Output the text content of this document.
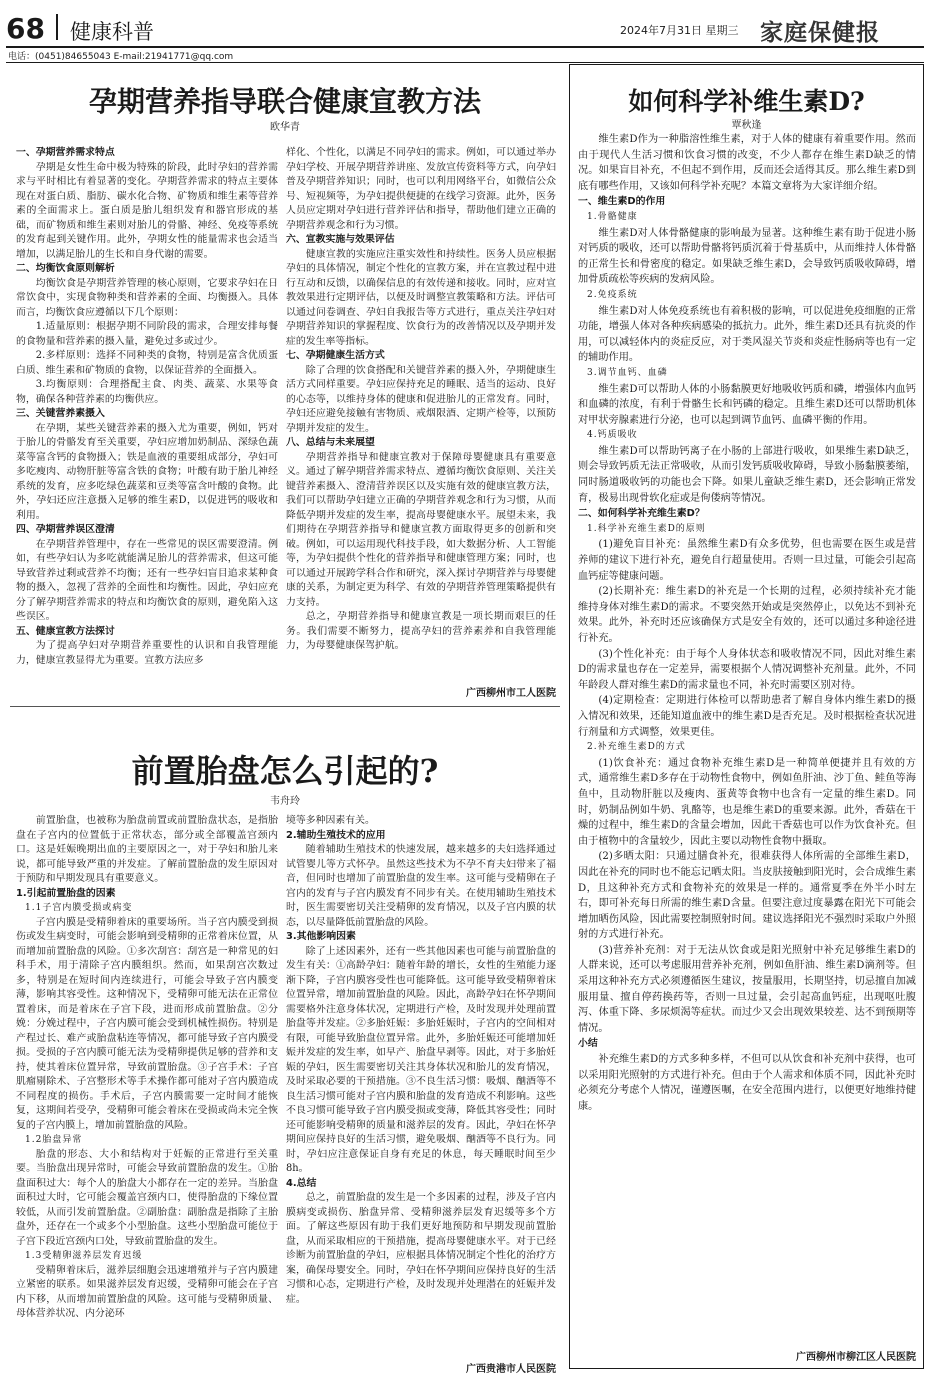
68 健康科普	2024年7月31日 星期三 家庭保健报
电话：(0451)84655043 E-mail:21941771@qq.com
孕期营养指导联合健康宣教方法
欧华青
一、孕期营养需求特点

孕期是女性生命中极为特殊的阶段，此时孕妇的营养需求与平时相比有着显著的变化。孕期营养需求的特点主要体现在对蛋白质、脂肪、碳水化合物、矿物质和维生素等营养素的全面需求上。蛋白质是胎儿组织发育和器官形成的基础，而矿物质和维生素则对胎儿的骨骼、神经、免疫等系统的发育起到关键作用。此外，孕期女性的能量需求也会适当增加，以满足胎儿的生长和自身代谢的需要。

二、均衡饮食原则解析

均衡饮食是孕期营养管理的核心原则，它要求孕妇在日常饮食中，实现食物种类和营养素的全面、均衡摄入。具体而言，均衡饮食应遵循以下几个原则：

1.适量原则：根据孕期不同阶段的需求，合理安排每餐的食物量和营养素的摄入量，避免过多或过少。

2.多样原则：选择不同种类的食物，特别是富含优质蛋白质、维生素和矿物质的食物，以保证营养的全面摄入。

3.均衡原则：合理搭配主食、肉类、蔬菜、水果等食物，确保各种营养素的均衡供应。

三、关键营养素摄入

在孕期，某些关键营养素的摄入尤为重要，例如，钙对于胎儿的骨骼发育至关重要，孕妇应增加奶制品、深绿色蔬菜等富含钙的食物摄入；铁是血液的重要组成部分，孕妇可多吃瘦肉、动物肝脏等富含铁的食物；叶酸有助于胎儿神经系统的发育，应多吃绿色蔬菜和豆类等富含叶酸的食物。此外，孕妇还应注意摄入足够的维生素D，以促进钙的吸收和利用。

四、孕期营养误区澄清

在孕期营养管理中，存在一些常见的误区需要澄清。例如，有些孕妇认为多吃就能满足胎儿的营养需求，但这可能导致营养过剩或营养不均衡；还有一些孕妇盲目追求某种食物的摄入，忽视了营养的全面性和均衡性。因此，孕妇应充分了解孕期营养需求的特点和均衡饮食的原则，避免陷入这些误区。

五、健康宣教方法探讨

为了提高孕妇对孕期营养重要性的认识和自我管理能力，健康宣教显得尤为重要。宣教方法应多

样化、个性化，以满足不同孕妇的需求。例如，可以通过举办孕妇学校、开展孕期营养讲座、发放宣传资料等方式，向孕妇普及孕期营养知识；同时，也可以利用网络平台，如微信公众号、短视频等，为孕妇提供便捷的在线学习资源。此外，医务人员应定期对孕妇进行营养评估和指导，帮助他们建立正确的孕期营养观念和行为习惯。

六、宣教实施与效果评估

健康宣教的实施应注重实效性和持续性。医务人员应根据孕妇的具体情况，制定个性化的宣教方案，并在宣教过程中进行互动和反馈，以确保信息的有效传递和接收。同时，应对宣教效果进行定期评估，以便及时调整宣教策略和方法。评估可以通过问卷调查、孕妇自我报告等方式进行，重点关注孕妇对孕期营养知识的掌握程度、饮食行为的改善情况以及孕期并发症的发生率等指标。

七、孕期健康生活方式

除了合理的饮食搭配和关键营养素的摄入外，孕期健康生活方式同样重要。孕妇应保持充足的睡眠、适当的运动、良好的心态等，以维持身体的健康和促进胎儿的正常发育。同时，孕妇还应避免接触有害物质、戒烟限酒、定期产检等，以预防孕期并发症的发生。

八、总结与未来展望

孕期营养指导和健康宣教对于保障母婴健康具有重要意义。通过了解孕期营养需求特点、遵循均衡饮食原则、关注关键营养素摄入、澄清营养误区以及实施有效的健康宣教方法，我们可以帮助孕妇建立正确的孕期营养观念和行为习惯，从而降低孕期并发症的发生率，提高母婴健康水平。展望未来，我们期待在孕期营养指导和健康宣教方面取得更多的创新和突破。例如，可以运用现代科技手段，如大数据分析、人工智能等，为孕妇提供个性化的营养指导和健康管理方案；同时，也可以通过开展跨学科合作和研究，深入探讨孕期营养与母婴健康的关系，为制定更为科学、有效的孕期营养管理策略提供有力支持。

总之，孕期营养指导和健康宣教是一项长期而艰巨的任务。我们需要不断努力，提高孕妇的营养素养和自我管理能力，为母婴健康保驾护航。

广西柳州市工人医院
前置胎盘怎么引起的?
韦舟玲

前置胎盘，也被称为胎盘前置或前置胎盘状态，是指胎盘在子宫内的位置低于正常状态，部分或全部覆盖宫颈内口。这是妊娠晚期出血的主要原因之一，对于孕妇和胎儿来说，都可能导致严重的并发症。了解前置胎盘的发生原因对于预防和早期发现具有重要意义。

1.引起前置胎盘的因素
1.1子宫内膜受损或病变

子宫内膜是受精卵着床的重要场所。当子宫内膜受到损伤或发生病变时，可能会影响到受精卵的正常着床位置，从而增加前置胎盘的风险。①多次刮宫：刮宫是一种常见的妇科手术，用于清除子宫内膜组织。然而，如果刮宫次数过多，特别是在短时间内连续进行，可能会导致子宫内膜变薄，影响其容受性。这种情况下，受精卵可能无法在正常位置着床，而是着床在子宫下段，进而形成前置胎盘。②分娩：分娩过程中，子宫内膜可能会受到机械性损伤。特别是产程过长、难产或胎盘粘连等情况，都可能导致子宫内膜受损。受损的子宫内膜可能无法为受精卵提供足够的营养和支持，使其着床位置异常，导致前置胎盘。③子宫手术：子宫肌瘤剔除术、子宫整形术等手术操作都可能对子宫内膜造成不同程度的损伤。手术后，子宫内膜需要一定时间才能恢复，这期间若受孕，受精卵可能会着床在受损或尚未完全恢复的子宫内膜上，增加前置胎盘的风险。

1.2胎盘异常

胎盘的形态、大小和结构对于妊娠的正常进行至关重要。当胎盘出现异常时，可能会导致前置胎盘的发生。①胎盘面积过大：每个人的胎盘大小都存在一定的差异。当胎盘面积过大时，它可能会覆盖宫颈内口，使得胎盘的下缘位置较低，从而引发前置胎盘。②副胎盘：副胎盘是指除了主胎盘外，还存在一个或多个小型胎盘。这些小型胎盘可能位于子宫下段近宫颈内口处，导致前置胎盘的发生。

1.3受精卵滋养层发育迟缓

受精卵着床后，滋养层细胞会迅速增殖并与子宫内膜建立紧密的联系。如果滋养层发育迟缓，受精卵可能会在子宫内下移，从而增加前置胎盘的风险。这可能与受精卵质量、母体营养状况、内分泌环

境等多种因素有关。

2.辅助生殖技术的应用

随着辅助生殖技术的快速发展，越来越多的夫妇选择通过试管婴儿等方式怀孕。虽然这些技术为不孕不育夫妇带来了福音，但同时也增加了前置胎盘的发生率。这可能与受精卵在子宫内的发育与子宫内膜发育不同步有关。在使用辅助生殖技术时，医生需要密切关注受精卵的发育情况，以及子宫内膜的状态，以尽量降低前置胎盘的风险。

3.其他影响因素

除了上述因素外，还有一些其他因素也可能与前置胎盘的发生有关：①高龄孕妇：随着年龄的增长，女性的生殖能力逐渐下降，子宫内膜容受性也可能降低。这可能导致受精卵着床位置异常，增加前置胎盘的风险。因此，高龄孕妇在怀孕期间需要格外注意身体状况，定期进行产检，及时发现并处理前置胎盘等并发症。②多胎妊娠：多胎妊娠时，子宫内的空间相对有限，可能导致胎盘位置异常。此外，多胎妊娠还可能增加妊娠并发症的发生率，如早产、胎盘早剥等。因此，对于多胎妊娠的孕妇，医生需要密切关注其身体状况和胎儿的发育情况，及时采取必要的干预措施。③不良生活习惯：吸烟、酗酒等不良生活习惯可能对子宫内膜和胎盘的发育造成不利影响。这些不良习惯可能导致子宫内膜受损或变薄，降低其容受性；同时还可能影响受精卵的质量和滋养层的发育。因此，孕妇在怀孕期间应保持良好的生活习惯，避免吸烟、酗酒等不良行为。同时，孕妇应注意保证自身有充足的休息，每天睡眠时间至少8h。

4.总结

总之，前置胎盘的发生是一个多因素的过程，涉及子宫内膜病变或损伤、胎盘异常、受精卵滋养层发育迟缓等多个方面。了解这些原因有助于我们更好地预防和早期发现前置胎盘，从而采取相应的干预措施，提高母婴健康水平。对于已经诊断为前置胎盘的孕妇，应根据具体情况制定个性化的治疗方案，确保母婴安全。同时，孕妇在怀孕期间应保持良好的生活习惯和心态，定期进行产检，及时发现并处理潜在的妊娠并发症。

广西贵港市人民医院
如何科学补维生素D?
覃秋逢

维生素D作为一种脂溶性维生素，对于人体的健康有着重要作用。然而由于现代人生活习惯和饮食习惯的改变，不少人都存在维生素D缺乏的情况。如果盲目补充，不但起不到作用，反而还会适得其反。那么维生素D到底有哪些作用，又该如何科学补充呢？本篇文章将为大家详细介绍。

一、维生素D的作用
1.骨骼健康

维生素D对人体骨骼健康的影响最为显著。这种维生素有助于促进小肠对钙质的吸收，还可以帮助骨骼将钙质沉着于骨基质中，从而维持人体骨骼的正常生长和骨密度的稳定。如果缺乏维生素D，会导致钙质吸收障碍，增加骨质疏松等疾病的发病风险。

2.免疫系统

维生素D对人体免疫系统也有着积极的影响，可以促进免疫细胞的正常功能，增强人体对各种疾病感染的抵抗力。此外，维生素D还具有抗炎的作用，可以减轻体内的炎症反应，对于类风湿关节炎和炎症性肠病等也有一定的辅助作用。

3.调节血钙、血磷

维生素D可以帮助人体的小肠黏膜更好地吸收钙质和磷，增强体内血钙和血磷的浓度，有利于骨骼生长和钙磷的稳定。且维生素D还可以帮助机体对甲状旁腺素进行分泌，也可以起到调节血钙、血磷平衡的作用。

4.钙质吸收

维生素D可以帮助钙离子在小肠的上部进行吸收，如果维生素D缺乏，则会导致钙质无法正常吸收，从而引发钙质吸收障碍，导致小肠黏膜萎缩，同时肠道吸收钙的功能也会下降。如果儿童缺乏维生素D，还会影响正常发育，极易出现骨软化症或是佝偻病等情况。

二、如何科学补充维生素D？
1.科学补充维生素D的原则

(1)避免盲目补充：虽然维生素D有众多优势，但也需要在医生或是营养师的建议下进行补充，避免自行超量使用。否则一旦过量，可能会引起高血钙症等健康问题。

(2)长期补充：维生素D的补充是一个长期的过程，必须持续补充才能维持身体对维生素D的需求。不要突然开始或是突然停止，以免达不到补充效果。此外，补充时还应该确保方式是安全有效的，还可以通过多种途径进行补充。

(3)个性化补充：由于每个人身体状态和吸收情况不同，因此对维生素D的需求量也存在一定差异，需要根据个人情况调整补充剂量。此外，不同年龄段人群对维生素D的需求量也不同，补充时需要区别对待。

(4)定期检查：定期进行体检可以帮助患者了解自身体内维生素D的摄入情况和效果，还能知道血液中的维生素D是否充足。及时根据检查状况进行剂量和方式调整，效果更佳。

2.补充维生素D的方式

(1)饮食补充：通过食物补充维生素D是一种简单便捷并且有效的方式，通常维生素D多存在于动物性食物中，例如鱼肝油、沙丁鱼、鲑鱼等海鱼中，且动物肝脏以及瘦肉、蛋黄等食物中也含有一定量的维生素D。同时，奶制品例如牛奶、乳酪等，也是维生素D的重要来源。此外，香菇在干燥的过程中，维生素D的含量会增加，因此干香菇也可以作为饮食补充。但由于植物中的含量较少，因此主要以动物性食物中摄取。

(2)多晒太阳：只通过膳食补充，很难获得人体所需的全部维生素D，因此在补充的同时也不能忘记晒太阳。当皮肤接触到阳光时，会合成维生素D，且这种补充方式和食物补充的效果是一样的。通常夏季在外半小时左右，即可补充每日所需的维生素D含量。但要注意过度暴露在阳光下可能会增加晒伤风险，因此需要控制照射时间。建议选择阳光不强烈时采取户外照射的方式进行补充。

(3)营养补充剂：对于无法从饮食或是阳光照射中补充足够维生素D的人群来说，还可以考虑服用营养补充剂，例如鱼肝油、维生素D滴剂等。但采用这种补充方式必须遵循医生建议，按量服用，长期坚持，切忌擅自加减服用量、擅自停药换药等，否则一旦过量，会引起高血钙症，出现呕吐腹泻、体重下降、多尿烦渴等症状。而过少又会出现效果较差、达不到预期等情况。

小结

补充维生素D的方式多种多样，不但可以从饮食和补充剂中获得，也可以采用阳光照射的方式进行补充。但由于个人需求和体质不同，因此补充时必须充分考虑个人情况，谨遵医嘱，在安全范围内进行，以便更好地维持健康。

广西柳州市柳江区人民医院
